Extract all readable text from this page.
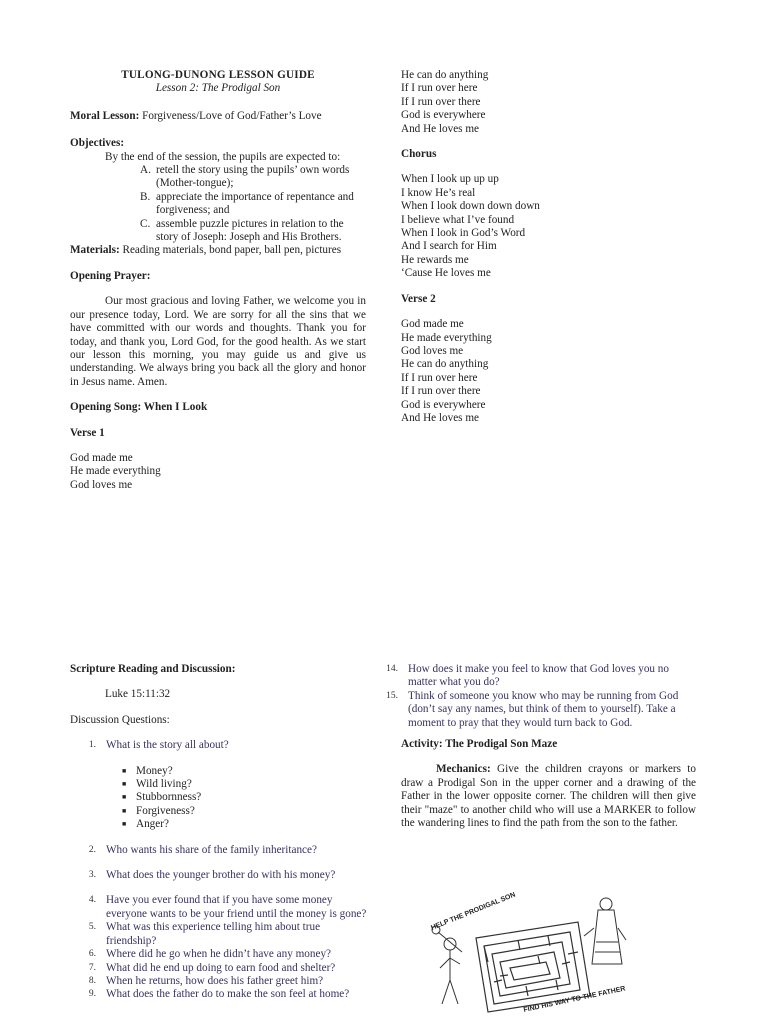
TULONG-DUNONG LESSON GUIDE
Lesson 2: The Prodigal Son
Moral Lesson: Forgiveness/Love of God/Father’s Love
Objectives:
By the end of the session, the pupils are expected to:
A. retell the story using the pupils’ own words
(Mother-tongue);
B. appreciate the importance of repentance and
forgiveness; and
C. assemble puzzle pictures in relation to the
story of Joseph: Joseph and His Brothers.
Materials: Reading materials, bond paper, ball pen, pictures
Opening Prayer:

Our most gracious and loving Father, we welcome you in our presence today, Lord. We are sorry for all the sins that we have committed with our words and thoughts. Thank you for today, and thank you, Lord God, for the good health. As we start our lesson this morning, you may guide us and give us understanding. We always bring you back all the glory and honor in Jesus name. Amen.

Opening Song: When I Look
Verse 1
God made me
He made everything
God loves me
He can do anything
If I run over here
If I run over there
God is everywhere
And He loves me
Chorus
When I look up up up
I know He’s real
When I look down down down
I believe what I’ve found
When I look in God’s Word
And I search for Him
He rewards me
‘Cause He loves me
Verse 2
God made me
He made everything
God loves me
He can do anything
If I run over here
If I run over there
God is everywhere
And He loves me
Scripture Reading and Discussion:
Luke 15:11:32
Discussion Questions:
1. What is the story all about?
■ Money?
■ Wild living?
■ Stubbornness?
■ Forgiveness?
■ Anger?
2. Who wants his share of the family inheritance?
3. What does the younger brother do with his money?
4. Have you ever found that if you have some money everyone wants to be your friend until the money is gone?
5. What was this experience telling him about true friendship?
6. Where did he go when he didn’t have any money?
7. What did he end up doing to earn food and shelter?
8. When he returns, how does his father greet him?
9. What does the father do to make the son feel at home?
14. How does it make you feel to know that God loves you no matter what you do?
15. Think of someone you know who may be running from God (don’t say any names, but think of them to yourself). Take a moment to pray that they would turn back to God.
Activity: The Prodigal Son Maze

Mechanics: Give the children crayons or markers to draw a Prodigal Son in the upper corner and a drawing of the Father in the lower opposite corner. The children will then give their "maze" to another child who will use a MARKER to follow the wandering lines to find the path from the son to the father.

HELP THE PRODIGAL SON
FIND HIS WAY TO THE FATHER
